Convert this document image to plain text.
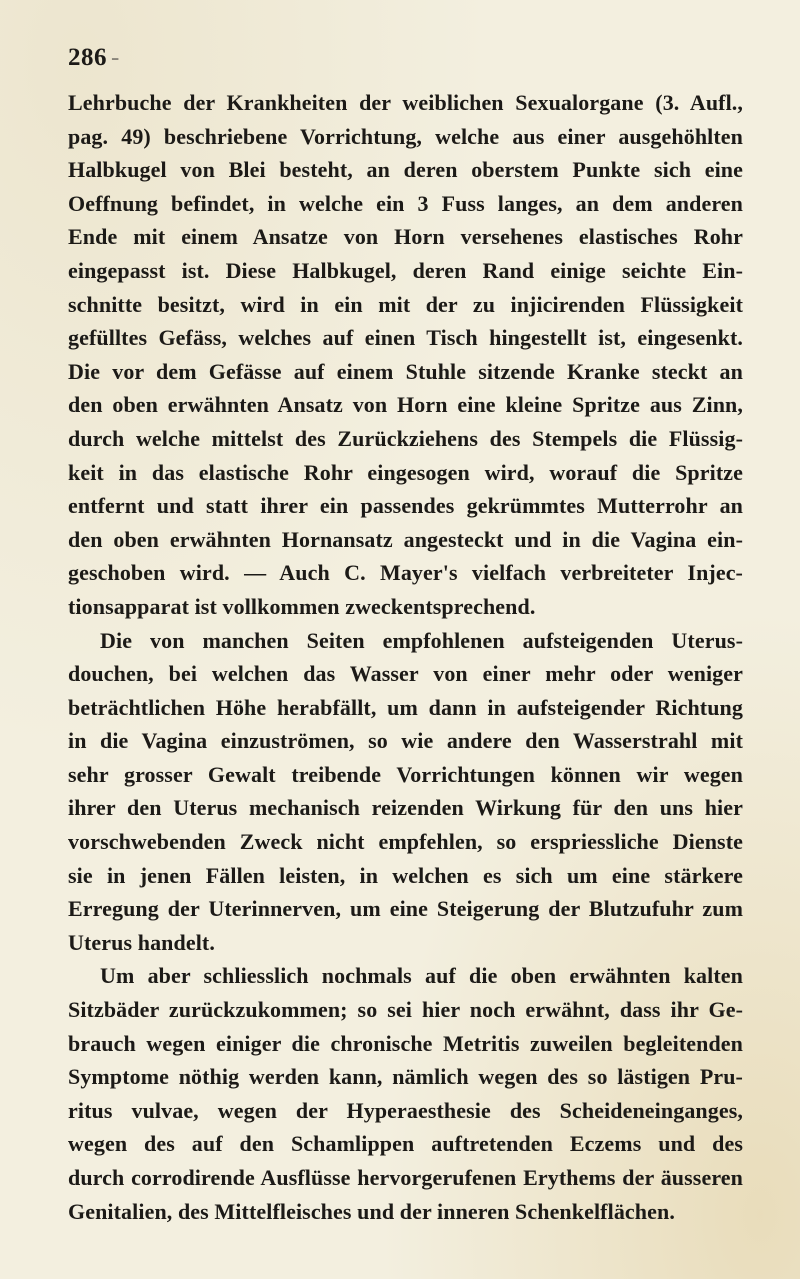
286 -
Lehrbuche der Krankheiten der weiblichen Sexualorgane (3. Aufl.,
pag. 49) beschriebene Vorrichtung, welche aus einer ausgehöhlten
Halbkugel von Blei besteht, an deren oberstem Punkte sich eine
Oeffnung befindet, in welche ein 3 Fuss langes, an dem anderen
Ende mit einem Ansatze von Horn versehenes elastisches Rohr
eingepasst ist. Diese Halbkugel, deren Rand einige seichte Ein-
schnitte besitzt, wird in ein mit der zu injicirenden Flüssigkeit
gefülltes Gefäss, welches auf einen Tisch hingestellt ist, eingesenkt.
Die vor dem Gefässe auf einem Stuhle sitzende Kranke steckt an
den oben erwähnten Ansatz von Horn eine kleine Spritze aus Zinn,
durch welche mittelst des Zurückziehens des Stempels die Flüssig-
keit in das elastische Rohr eingesogen wird, worauf die Spritze
entfernt und statt ihrer ein passendes gekrümmtes Mutterrohr an
den oben erwähnten Hornansatz angesteckt und in die Vagina ein-
geschoben wird. — Auch C. Mayer's vielfach verbreiteter Injec-
tionsapparat ist vollkommen zweckentsprechend.
Die von manchen Seiten empfohlenen aufsteigenden Uterus-
douchen, bei welchen das Wasser von einer mehr oder weniger
beträchtlichen Höhe herabfällt, um dann in aufsteigender Richtung
in die Vagina einzuströmen, so wie andere den Wasserstrahl mit
sehr grosser Gewalt treibende Vorrichtungen können wir wegen
ihrer den Uterus mechanisch reizenden Wirkung für den uns hier
vorschwebenden Zweck nicht empfehlen, so erspriessliche Dienste
sie in jenen Fällen leisten, in welchen es sich um eine stärkere
Erregung der Uterinnerven, um eine Steigerung der Blutzufuhr zum
Uterus handelt.
Um aber schliesslich nochmals auf die oben erwähnten kalten
Sitzbäder zurückzukommen; so sei hier noch erwähnt, dass ihr Ge-
brauch wegen einiger die chronische Metritis zuweilen begleitenden
Symptome nöthig werden kann, nämlich wegen des so lästigen Pru-
ritus vulvae, wegen der Hyperaesthesie des Scheideneinganges,
wegen des auf den Schamlippen auftretenden Eczems und des
durch corrodirende Ausflüsse hervorgerufenen Erythems der äusseren
Genitalien, des Mittelfleisches und der inneren Schenkelflächen.
